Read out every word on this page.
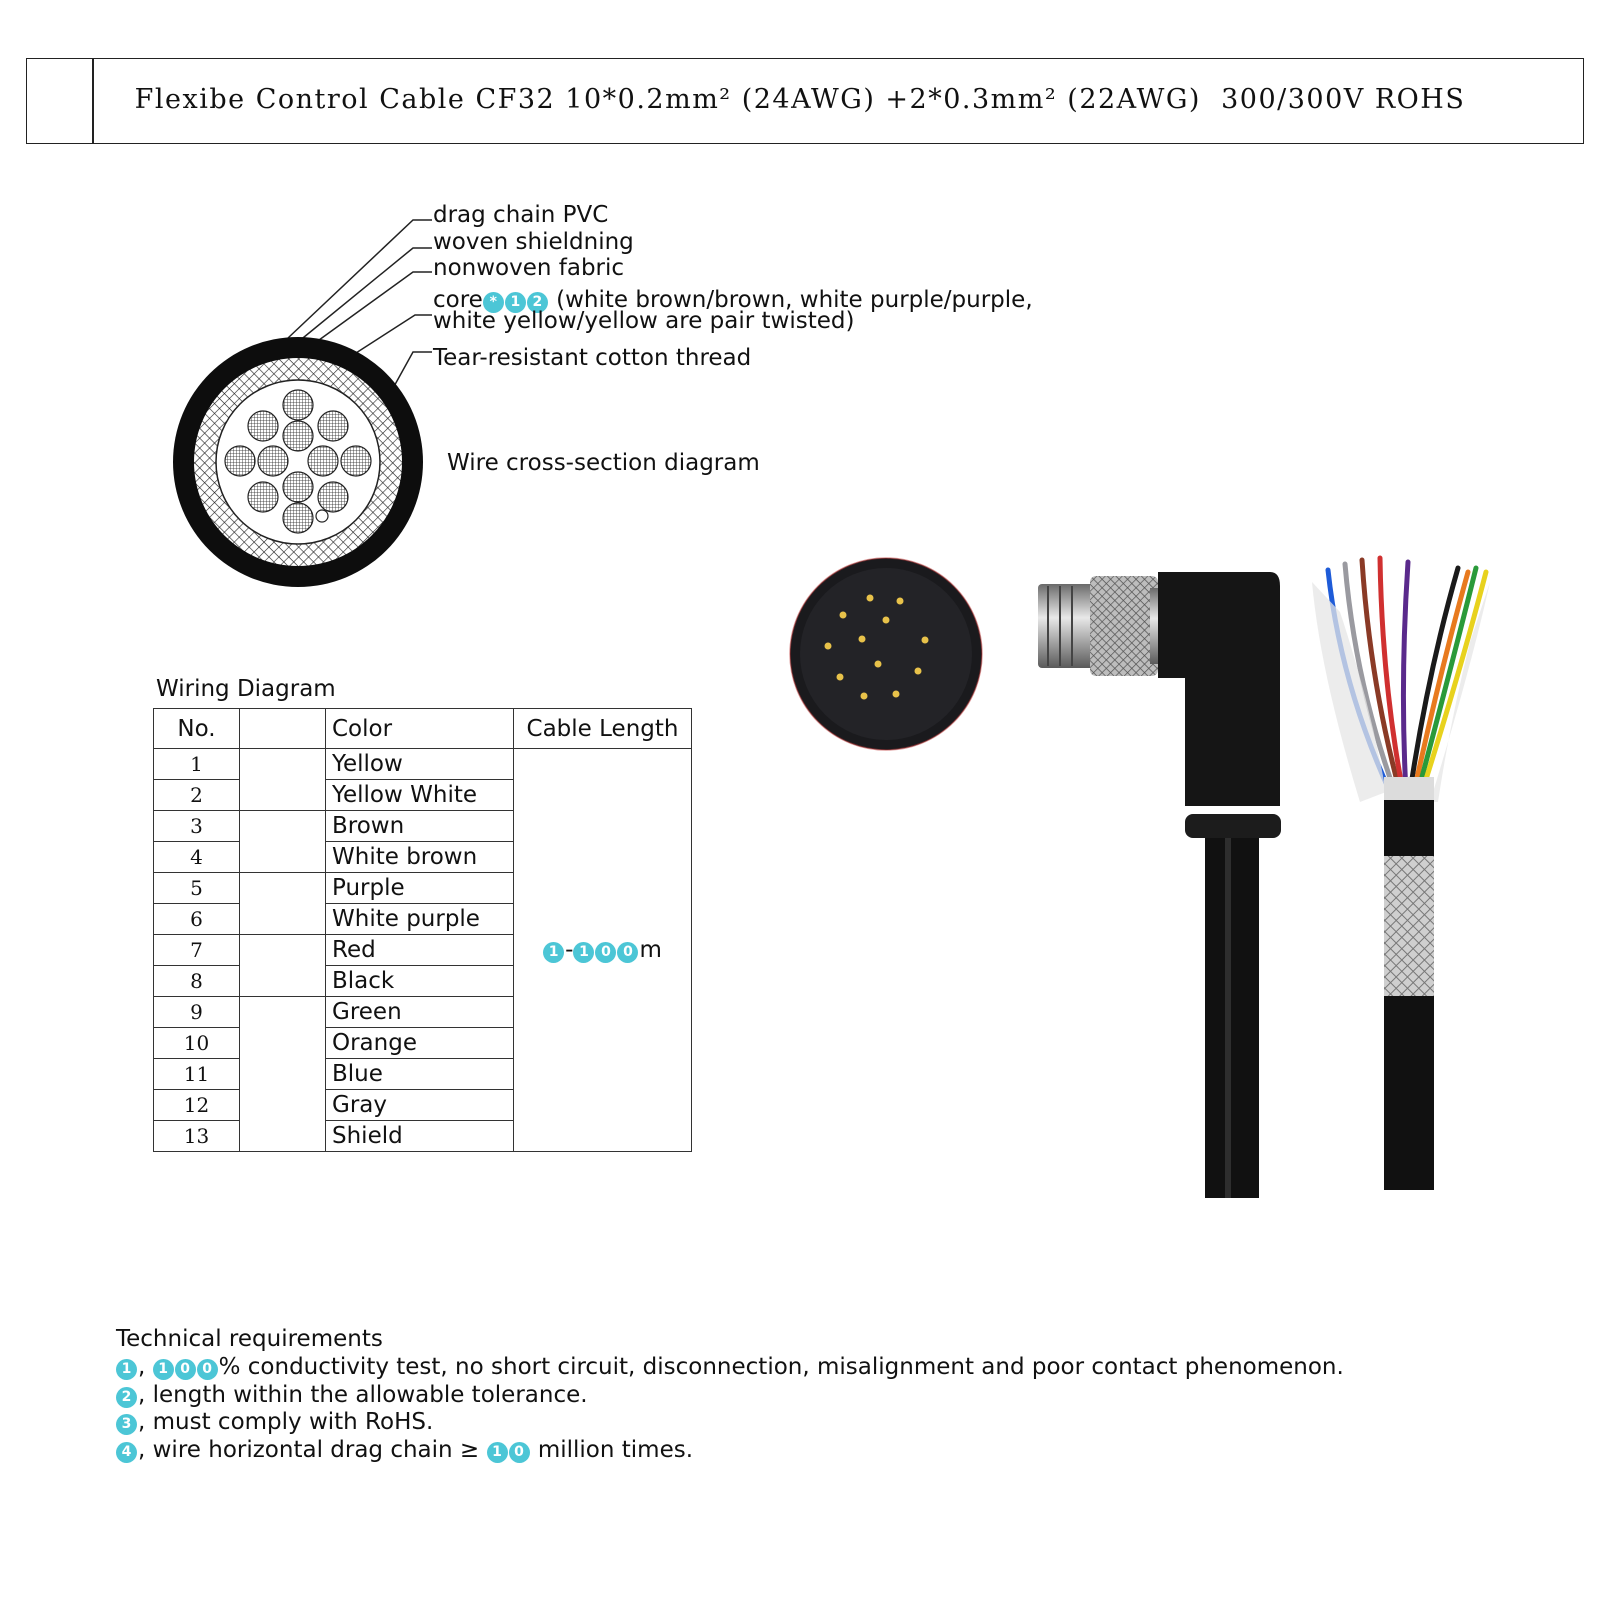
Flexibe Control Cable CF32 10*0.2mm² (24AWG) +2*0.3mm² (22AWG)  300/300V ROHS
drag chain PVC
woven shieldning
nonwoven fabric
core * 1 2 (white brown/brown, white purple/purple,
white yellow/yellow are pair twisted)
Tear-resistant cotton thread
Wire cross-section diagram
Wiring Diagram
No.		Color	Cable Length
1		Yellow	1 - 1 0 0 m
2		Yellow White	
3		Brown	
4		White brown	
5		Purple	
6		White purple	
7		Red	
8		Black	
9		Green	
10		Orange	
11		Blue	
12		Gray	
13		Shield	
Technical requirements
1 , 1 0 0 % conductivity test, no short circuit, disconnection, misalignment and poor contact phenomenon.
2 , length within the allowable tolerance.
3 , must comply with RoHS.
4 , wire horizontal drag chain ≥ 1 0 million times.
